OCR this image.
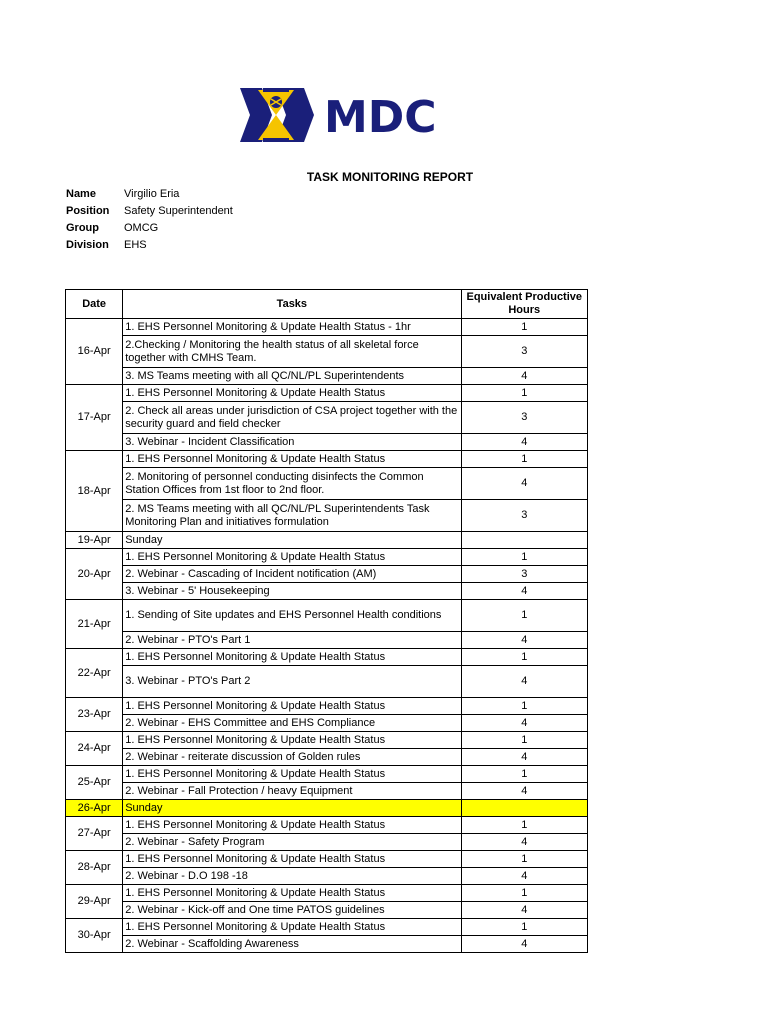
MDC
TASK MONITORING REPORT
Name	Virgilio Eria
Position	Safety Superintendent
Group	OMCG
Division	EHS
Date	Tasks	Equivalent Productive Hours
16-Apr	1. EHS Personnel Monitoring & Update Health Status - 1hr	1
	2.Checking / Monitoring the health status of all skeletal force together with CMHS Team.	3
	3. MS Teams meeting with all QC/NL/PL Superintendents	4
17-Apr	1. EHS Personnel Monitoring & Update Health Status	1
	2. Check all areas under jurisdiction of CSA project together with the security guard and field checker	3
	3. Webinar - Incident Classification	4
18-Apr	1. EHS Personnel Monitoring & Update Health Status	1
	2. Monitoring of personnel conducting disinfects the Common Station Offices from 1st floor to 2nd floor.	4
	2. MS Teams meeting with all QC/NL/PL Superintendents Task Monitoring Plan and initiatives formulation	3
19-Apr	Sunday	
20-Apr	1. EHS Personnel Monitoring & Update Health Status	1
	2. Webinar - Cascading of Incident notification (AM)	3
	3. Webinar - 5' Housekeeping	4
21-Apr	1. Sending of Site updates and EHS Personnel Health conditions	1
	2. Webinar - PTO's Part 1	4
22-Apr	1. EHS Personnel Monitoring & Update Health Status	1
	3. Webinar - PTO's Part 2	4
23-Apr	1. EHS Personnel Monitoring & Update Health Status	1
	2. Webinar - EHS Committee and EHS Compliance	4
24-Apr	1. EHS Personnel Monitoring & Update Health Status	1
	2. Webinar - reiterate discussion of Golden rules	4
25-Apr	1. EHS Personnel Monitoring & Update Health Status	1
	2. Webinar - Fall Protection / heavy Equipment	4
26-Apr	Sunday	
27-Apr	1. EHS Personnel Monitoring & Update Health Status	1
	2. Webinar - Safety Program	4
28-Apr	1. EHS Personnel Monitoring & Update Health Status	1
	2. Webinar - D.O 198 -18	4
29-Apr	1. EHS Personnel Monitoring & Update Health Status	1
	2. Webinar - Kick-off and One time PATOS guidelines	4
30-Apr	1. EHS Personnel Monitoring & Update Health Status	1
	2. Webinar - Scaffolding Awareness	4
